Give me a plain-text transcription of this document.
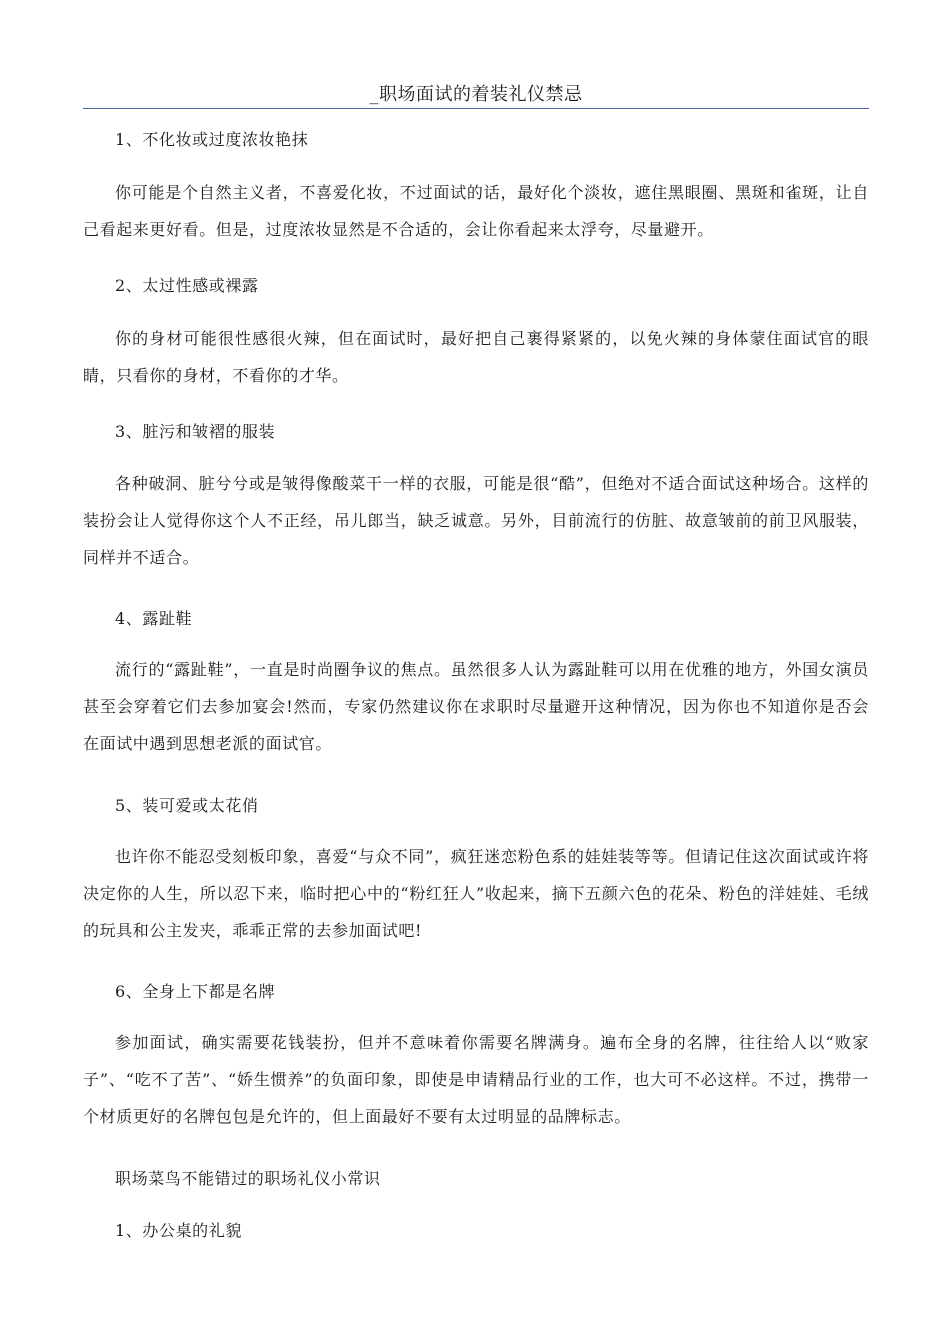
_职场面试的着装礼仪禁忌
1、不化妆或过度浓妆艳抹
你可能是个自然主义者，不喜爱化妆，不过面试的话，最好化个淡妆，遮住黑眼圈、黑斑和雀斑，让自己看起来更好看。但是，过度浓妆显然是不合适的，会让你看起来太浮夸，尽量避开。
2、太过性感或裸露
你的身材可能很性感很火辣，但在面试时，最好把自己裹得紧紧的，以免火辣的身体蒙住面试官的眼睛，只看你的身材，不看你的才华。
3、脏污和皱褶的服装
各种破洞、脏兮兮或是皱得像酸菜干一样的衣服，可能是很“酷”，但绝对不适合面试这种场合。这样的装扮会让人觉得你这个人不正经，吊儿郎当，缺乏诚意。另外，目前流行的仿脏、故意皱前的前卫风服装，同样并不适合。
4、露趾鞋
流行的“露趾鞋”，一直是时尚圈争议的焦点。虽然很多人认为露趾鞋可以用在优雅的地方，外国女演员甚至会穿着它们去参加宴会!然而，专家仍然建议你在求职时尽量避开这种情况，因为你也不知道你是否会在面试中遇到思想老派的面试官。
5、装可爱或太花俏
也许你不能忍受刻板印象，喜爱“与众不同”，疯狂迷恋粉色系的娃娃装等等。但请记住这次面试或许将决定你的人生，所以忍下来，临时把心中的“粉红狂人”收起来，摘下五颜六色的花朵、粉色的洋娃娃、毛绒的玩具和公主发夹，乖乖正常的去参加面试吧!
6、全身上下都是名牌
参加面试，确实需要花钱装扮，但并不意味着你需要名牌满身。遍布全身的名牌，往往给人以“败家子”、“吃不了苦”、“娇生惯养”的负面印象，即使是申请精品行业的工作，也大可不必这样。不过，携带一个材质更好的名牌包包是允许的，但上面最好不要有太过明显的品牌标志。
职场菜鸟不能错过的职场礼仪小常识
1、办公桌的礼貌
